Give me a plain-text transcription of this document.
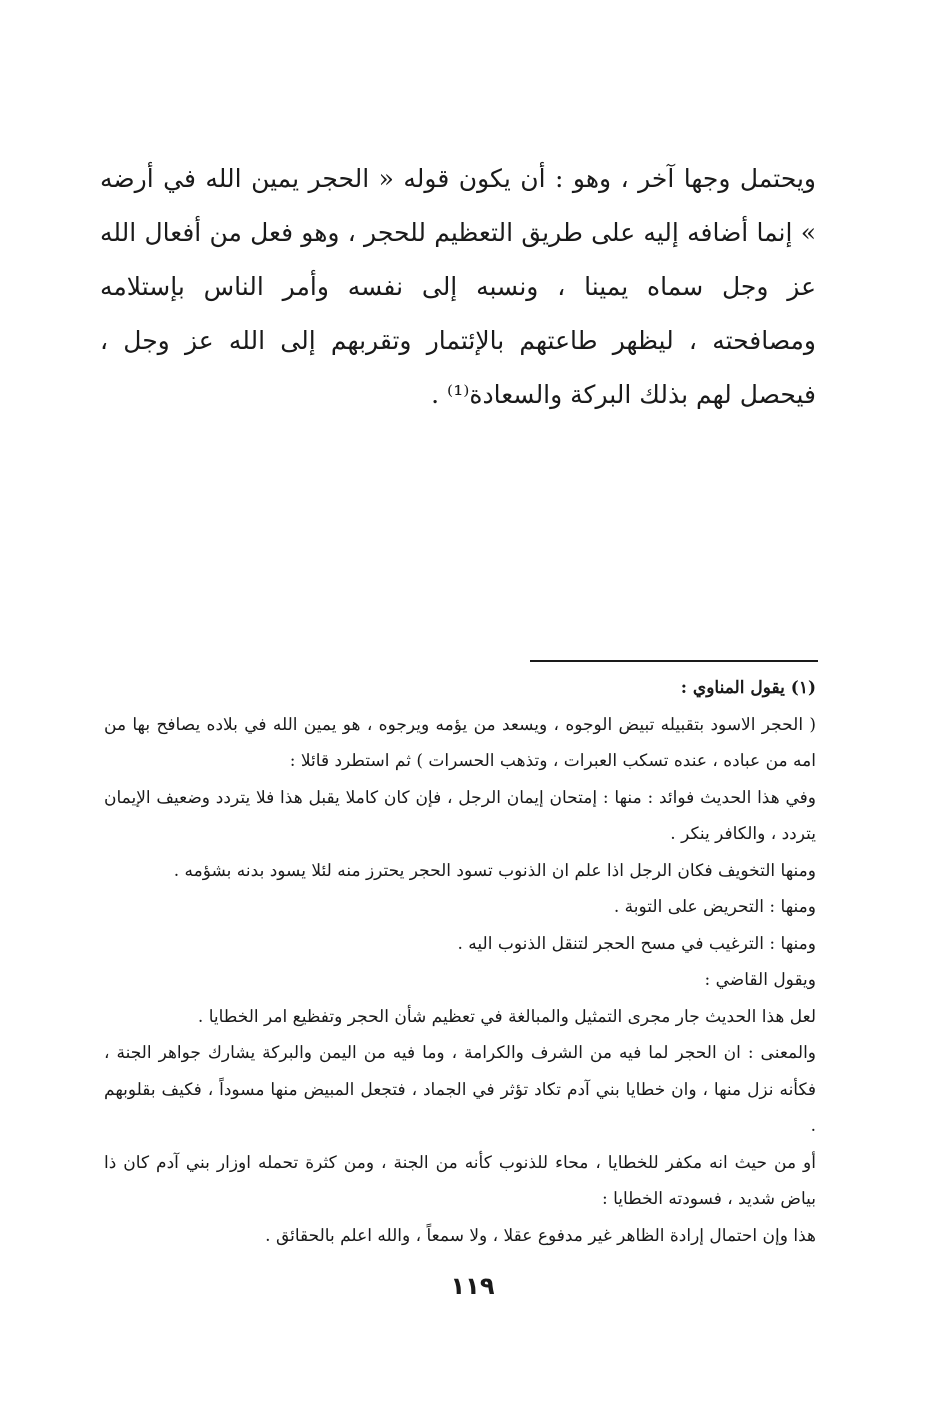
ويحتمل وجها آخر ، وهو : أن يكون قوله « الحجر يمين الله في أرضه » إنما أضافه إليه على طريق التعظيم للحجر ، وهو فعل من أفعال الله عز وجل سماه يمينا ، ونسبه إلى نفسه وأمر الناس بإستلامه ومصافحته ، ليظهر طاعتهم بالإئتمار وتقربهم إلى الله عز وجل ، فيحصل لهم بذلك البركة والسعادة⁽¹⁾ .

(١) يقول المناوي :

( الحجر الاسود بتقبيله تبيض الوجوه ، ويسعد من يؤمه ويرجوه ، هو يمين الله في بلاده يصافح بها من امه من عباده ، عنده تسكب العبرات ، وتذهب الحسرات ) ثم استطرد قائلا :

وفي هذا الحديث فوائد : منها : إمتحان إيمان الرجل ، فإن كان كاملا يقبل هذا فلا يتردد وضعيف الإيمان يتردد ، والكافر ينكر .

ومنها التخويف فكان الرجل اذا علم ان الذنوب تسود الحجر يحترز منه لئلا يسود بدنه بشؤمه .

ومنها : التحريض على التوبة .

ومنها : الترغيب في مسح الحجر لتنقل الذنوب اليه .

ويقول القاضي :

لعل هذا الحديث جار مجرى التمثيل والمبالغة في تعظيم شأن الحجر وتفظيع امر الخطايا .

والمعنى : ان الحجر لما فيه من الشرف والكرامة ، وما فيه من اليمن والبركة يشارك جواهر الجنة ، فكأنه نزل منها ، وان خطايا بني آدم تكاد تؤثر في الجماد ، فتجعل المبيض منها مسوداً ، فكيف بقلوبهم .

أو من حيث انه مكفر للخطايا ، محاء للذنوب كأنه من الجنة ، ومن كثرة تحمله اوزار بني آدم كان ذا بياض شديد ، فسودته الخطايا :

هذا وإن احتمال إرادة الظاهر غير مدفوع عقلا ، ولا سمعاً ، والله اعلم بالحقائق .

١١٩
